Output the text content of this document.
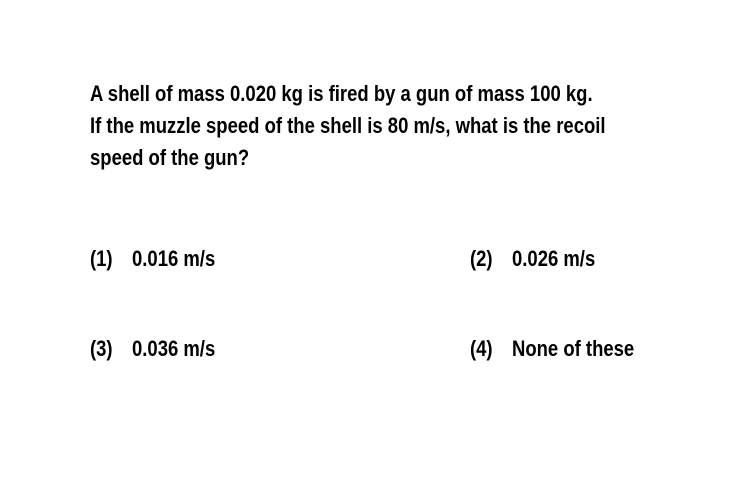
A shell of mass 0.020 kg is fired by a gun of mass 100 kg.
If the muzzle speed of the shell is 80 m/s, what is the recoil
speed of the gun?
(1) 0.016 m/s	(2) 0.026 m/s
(3) 0.036 m/s	(4) None of these
